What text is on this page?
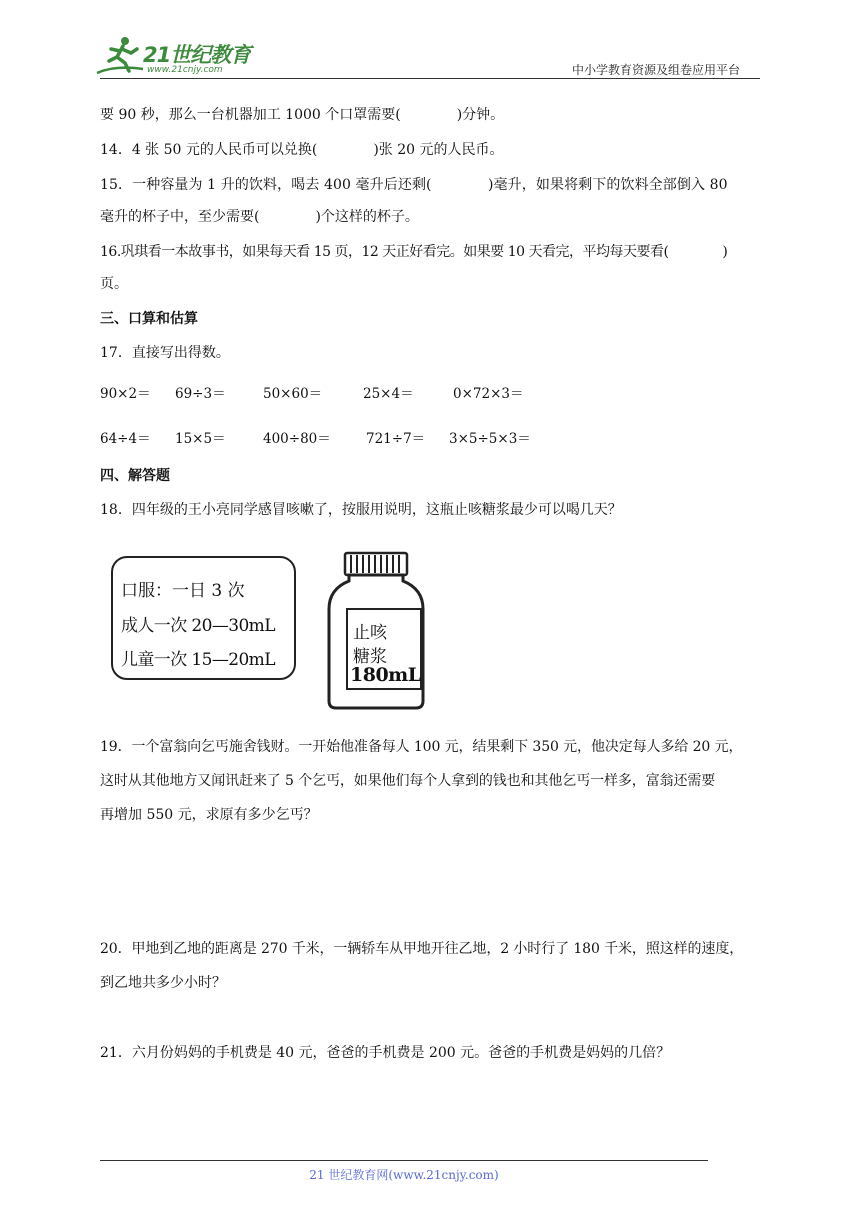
21世纪教育
www.21cnjy.com	中小学教育资源及组卷应用平台
要 90 秒，那么一台机器加工 1000 个口罩需要(　　　　)分钟。
14．4 张 50 元的人民币可以兑换(　　　　)张 20 元的人民币。
15．一种容量为 1 升的饮料，喝去 400 毫升后还剩(　　　　)毫升，如果将剩下的饮料全部倒入 80
毫升的杯子中，至少需要(　　　　)个这样的杯子。
16.巩琪看一本故事书，如果每天看 15 页，12 天正好看完。如果要 10 天看完，平均每天要看(　　　　)
页。
三、口算和估算
17．直接写出得数。
90×2＝ 69÷3＝	50×60＝	25×4＝	0×72×3＝
64÷4＝ 15×5＝	400÷80＝	721÷7＝ 3×5÷5×3＝
四、解答题
18．四年级的王小亮同学感冒咳嗽了，按服用说明，这瓶止咳糖浆最少可以喝几天？
口服：一日 3 次
成人一次 20—30mL
儿童一次 15—20mL
止咳
糖浆
180mL
19．一个富翁向乞丐施舍钱财。一开始他准备每人 100 元，结果剩下 350 元，他决定每人多给 20 元，
这时从其他地方又闻讯赶来了 5 个乞丐，如果他们每个人拿到的钱也和其他乞丐一样多，富翁还需要
再增加 550 元，求原有多少乞丐？
20．甲地到乙地的距离是 270 千米，一辆轿车从甲地开往乙地，2 小时行了 180 千米，照这样的速度，
到乙地共多少小时？
21．六月份妈妈的手机费是 40 元，爸爸的手机费是 200 元。爸爸的手机费是妈妈的几倍？
21 世纪教育网(www.21cnjy.com)
